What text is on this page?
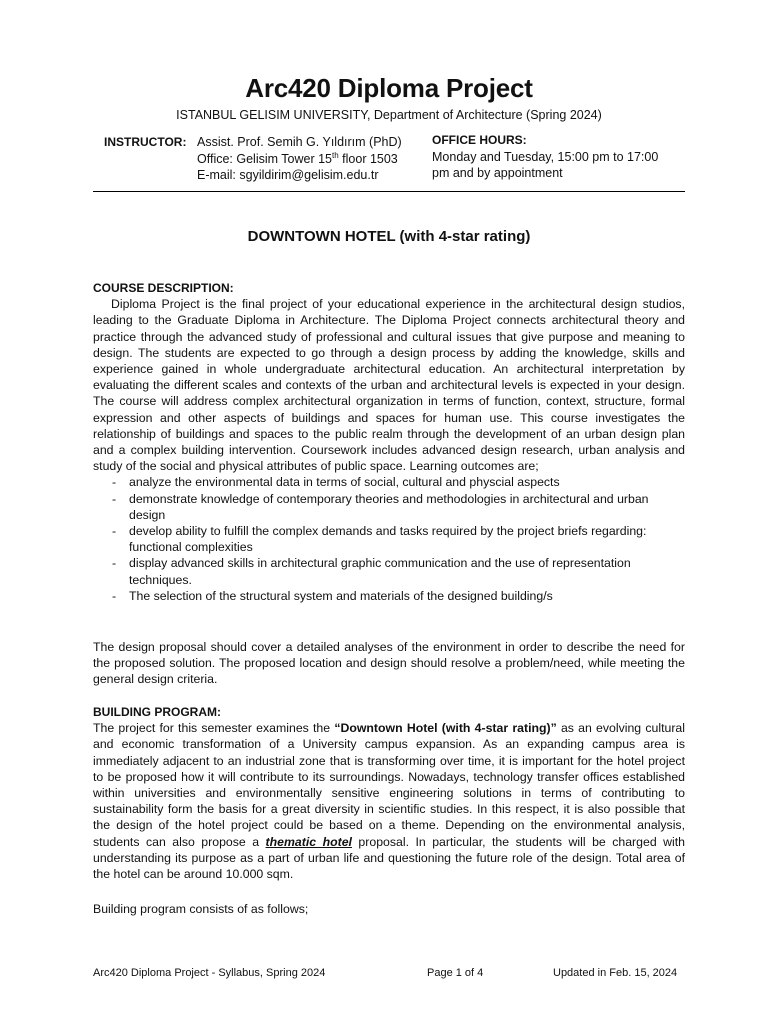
Arc420 Diploma Project
ISTANBUL GELISIM UNIVERSITY, Department of Architecture (Spring 2024)
INSTRUCTOR: Assist. Prof. Semih G. Yıldırım (PhD)
Office: Gelisim Tower 15th floor 1503
E-mail: sgyildirim@gelisim.edu.tr
OFFICE HOURS:
Monday and Tuesday, 15:00 pm to 17:00
pm and by appointment
DOWNTOWN HOTEL (with 4-star rating)
COURSE DESCRIPTION:

Diploma Project is the final project of your educational experience in the architectural design studios, leading to the Graduate Diploma in Architecture. The Diploma Project connects architectural theory and practice through the advanced study of professional and cultural issues that give purpose and meaning to design. The students are expected to go through a design process by adding the knowledge, skills and experience gained in whole undergraduate architectural education. An architectural interpretation by evaluating the different scales and contexts of the urban and architectural levels is expected in your design. The course will address complex architectural organization in terms of function, context, structure, formal expression and other aspects of buildings and spaces for human use. This course investigates the relationship of buildings and spaces to the public realm through the development of an urban design plan and a complex building intervention. Coursework includes advanced design research, urban analysis and study of the social and physical attributes of public space. Learning outcomes are;

- analyze the environmental data in terms of social, cultural and physcial aspects
- demonstrate knowledge of contemporary theories and methodologies in architectural and urban design
- develop ability to fulfill the complex demands and tasks required by the project briefs regarding: functional complexities
- display advanced skills in architectural graphic communication and the use of representation techniques.
- The selection of the structural system and materials of the designed building/s

The design proposal should cover a detailed analyses of the environment in order to describe the need for the proposed solution. The proposed location and design should resolve a problem/need, while meeting the general design criteria.

BUILDING PROGRAM:

The project for this semester examines the “Downtown Hotel (with 4-star rating)” as an evolving cultural and economic transformation of a University campus expansion. As an expanding campus area is immediately adjacent to an industrial zone that is transforming over time, it is important for the hotel project to be proposed how it will contribute to its surroundings. Nowadays, technology transfer offices established within universities and environmentally sensitive engineering solutions in terms of contributing to sustainability form the basis for a great diversity in scientific studies. In this respect, it is also possible that the design of the hotel project could be based on a theme. Depending on the environmental analysis, students can also propose a thematic hotel proposal. In particular, the students will be charged with understanding its purpose as a part of urban life and questioning the future role of the design. Total area of the hotel can be around 10.000 sqm.

Building program consists of as follows;
Arc420 Diploma Project - Syllabus, Spring 2024	Page 1 of 4	Updated in Feb. 15, 2024
